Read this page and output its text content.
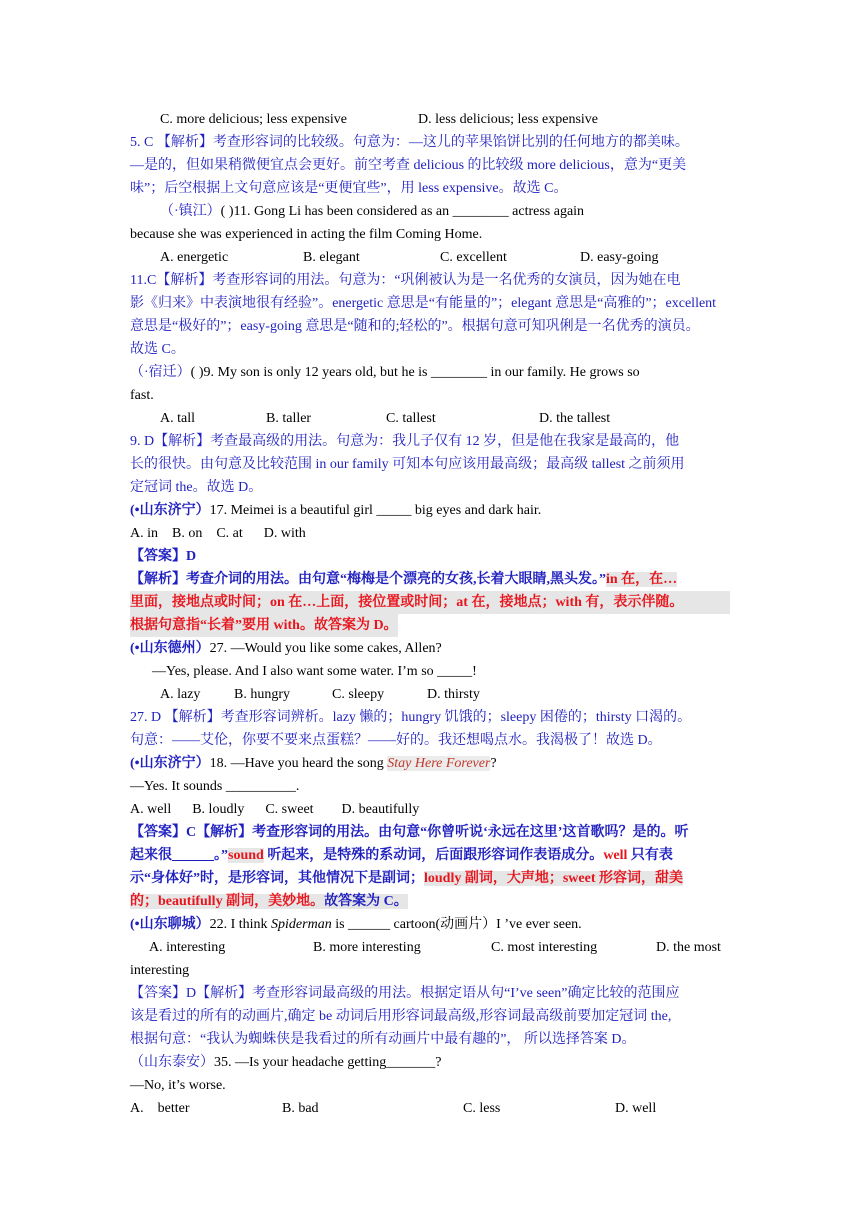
C. more delicious; less expensive	D. less delicious; less expensive
5. C 【解析】考查形容词的比较级。句意为：—这儿的苹果馅饼比别的任何地方的都美味。
—是的，但如果稍微便宜点会更好。前空考查 delicious 的比较级 more delicious，意为“更美
味”；后空根据上文句意应该是“更便宜些”，用 less expensive。故选 C。
（·镇江）( )11. Gong Li has been considered as an ________ actress again
because she was experienced in acting the film Coming Home.
A. energetic	B. elegant	C. excellent	D. easy-going
11.C【解析】考查形容词的用法。句意为：“巩俐被认为是一名优秀的女演员，因为她在电
影《归来》中表演地很有经验”。energetic 意思是“有能量的”；elegant 意思是“高雅的”；excellent
意思是“极好的”；easy-going 意思是“随和的;轻松的”。根据句意可知巩俐是一名优秀的演员。
故选 C。
（·宿迁）( )9. My son is only 12 years old, but he is ________ in our family. He grows so
fast.
A. tall	B. taller	C. tallest	D. the tallest
9. D【解析】考查最高级的用法。句意为：我儿子仅有 12 岁，但是他在我家是最高的，他
长的很快。由句意及比较范围 in our family 可知本句应该用最高级；最高级 tallest 之前须用
定冠词 the。故选 D。
(•山东济宁）17. Meimei is a beautiful girl _____ big eyes and dark hair.
A. in    B. on    C. at      D. with
【答案】D
【解析】考查介词的用法。由句意“梅梅是个漂亮的女孩,长着大眼睛,黑头发。”in 在，在…
里面，接地点或时间；on 在…上面，接位置或时间；at 在，接地点；with 有，表示伴随。
根据句意指“长着”要用 with。故答案为 D。
(•山东德州）27. —Would you like some cakes, Allen?
—Yes, please. And I also want some water. I’m so _____!
A. lazy B. hungry	C. sleepy	D. thirsty
27. D 【解析】考查形容词辨析。lazy 懒的；hungry 饥饿的；sleepy 困倦的；thirsty 口渴的。
句意：——艾伦，你要不要来点蛋糕？——好的。我还想喝点水。我渴极了！故选 D。
(•山东济宁）18. —Have you heard the song Stay Here Forever?
—Yes. It sounds __________.
A. well      B. loudly      C. sweet        D. beautifully
【答案】C【解析】考查形容词的用法。由句意“你曾听说‘永远在这里’这首歌吗？是的。听
起来很______。”sound 听起来，是特殊的系动词，后面跟形容词作表语成分。well 只有表
示“身体好”时，是形容词，其他情况下是副词；loudly 副词，大声地；sweet 形容词，甜美
的；beautifully 副词，美妙地。故答案为 C。
(•山东聊城）22. I think Spiderman is ______ cartoon(动画片）I ’ve ever seen.
A. interesting	B. more interesting	C. most interesting	D. the most
interesting
【答案】D【解析】考查形容词最高级的用法。根据定语从句“I’ve seen”确定比较的范围应
该是看过的所有的动画片,确定 be 动词后用形容词最高级,形容词最高级前要加定冠词 the,
根据句意：“我认为蜘蛛侠是我看过的所有动画片中最有趣的”， 所以选择答案 D。
（山东泰安）35. —Is your headache getting_______?
—No, it’s worse.
A.    better	B. bad	C. less	D. well
